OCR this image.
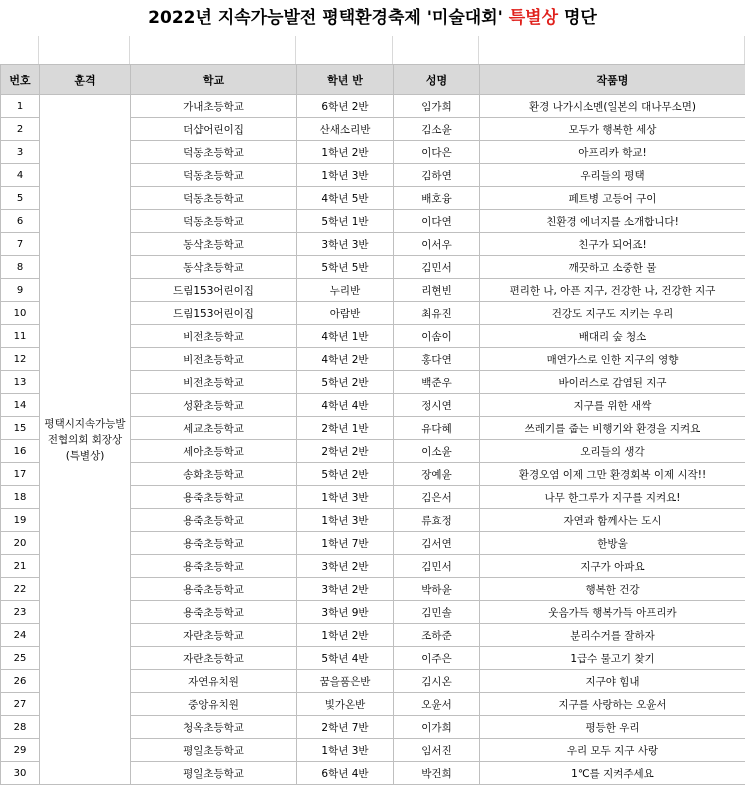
2022년 지속가능발전 평택환경축제 '미술대회' 특별상 명단
번호	훈격	학교	학년 반	성명	작품명
1	평택시지속가능발전협의회 회장상(특별상)	가내초등학교	6학년 2반	임가희	환경 나가시소멘(일본의 대나무소면)
2		더샵어린이집	산새소리반	김소윤	모두가 행복한 세상
3		덕동초등학교	1학년 2반	이다은	아프리카 학교!
4		덕동초등학교	1학년 3반	김하연	우리들의 평택
5		덕동초등학교	4학년 5반	배호융	페트병 고등어 구이
6		덕동초등학교	5학년 1반	이다연	친환경 에너지를 소개합니다!
7		동삭초등학교	3학년 3반	이서우	친구가 되어죠!
8		동삭초등학교	5학년 5반	김민서	깨끗하고 소중한 물
9		드림153어린이집	누리반	리현빈	편리한 나, 아픈 지구, 건강한 나, 건강한 지구
10		드림153어린이집	아람반	최유진	건강도 지구도 지키는 우리
11		비전초등학교	4학년 1반	이솜이	배대리 숲 청소
12		비전초등학교	4학년 2반	홍다연	매연가스로 인한 지구의 영향
13		비전초등학교	5학년 2반	백준우	바이러스로 감염된 지구
14		성환초등학교	4학년 4반	정시연	지구를 위한 새싹
15		세교초등학교	2학년 1반	유다혜	쓰레기를 줍는 비행기와 환경을 지켜요
16		세아초등학교	2학년 2반	이소윤	오리들의 생각
17		송화초등학교	5학년 2반	장예윤	환경오염 이제 그만 환경회복 이제 시작!!
18		용죽초등학교	1학년 3반	김은서	나무 한그루가 지구를 지켜요!
19		용죽초등학교	1학년 3반	류효정	자연과 함께사는 도시
20		용죽초등학교	1학년 7반	김서연	한방울
21		용죽초등학교	3학년 2반	김민서	지구가 아파요
22		용죽초등학교	3학년 2반	박하윤	행복한 건강
23		용죽초등학교	3학년 9반	김민솔	웃음가득 행복가득 아프리카
24		자란초등학교	1학년 2반	조하준	분리수거를 잘하자
25		자란초등학교	5학년 4반	이주은	1급수 물고기 찾기
26		자연유치원	꿈을품은반	김시온	지구야 힘내
27		중앙유치원	빛가온반	오윤서	지구를 사랑하는 오윤서
28		청옥초등학교	2학년 7반	이가희	평등한 우리
29		평일초등학교	1학년 3반	임서진	우리 모두 지구 사랑
30		평일초등학교	6학년 4반	박건희	1℃를 지켜주세요
